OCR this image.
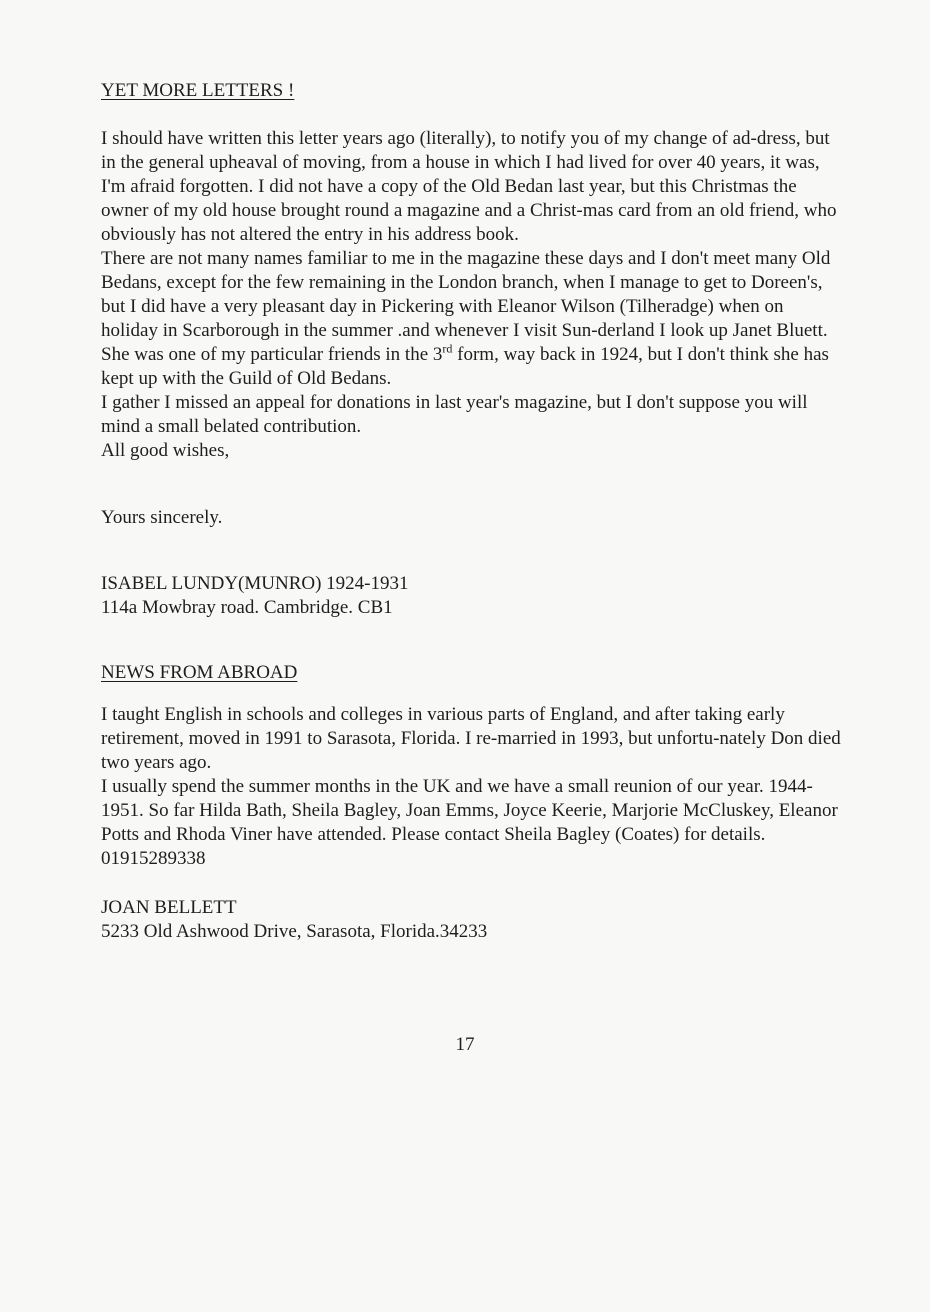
YET MORE LETTERS !

I should have written this letter years ago (literally), to notify you of my change of ad-dress, but in the general upheaval of moving, from a house in which I had lived for over 40 years, it was, I'm afraid forgotten. I did not have a copy of the Old Bedan last year, but this Christmas the owner of my old house brought round a magazine and a Christ-mas card from an old friend, who obviously has not altered the entry in his address book.

There are not many names familiar to me in the magazine these days and I don't meet many Old Bedans, except for the few remaining in the London branch, when I manage to get to Doreen's, but I did have a very pleasant day in Pickering with Eleanor Wilson (Tilheradge) when on holiday in Scarborough in the summer .and whenever I visit Sun-derland I look up Janet Bluett. She was one of my particular friends in the 3rd form, way back in 1924, but I don't think she has kept up with the Guild of Old Bedans.

I gather I missed an appeal for donations in last year's magazine, but I don't suppose you will mind a small belated contribution.

All good wishes,

Yours sincerely.

ISABEL LUNDY(MUNRO) 1924-1931

114a Mowbray road. Cambridge. CB1

NEWS FROM ABROAD

I taught English in schools and colleges in various parts of England, and after taking early retirement, moved in 1991 to Sarasota, Florida. I re-married in 1993, but unfortu-nately Don died two years ago.

I usually spend the summer months in the UK and we have a small reunion of our year. 1944-1951. So far Hilda Bath, Sheila Bagley, Joan Emms, Joyce Keerie, Marjorie McCluskey, Eleanor Potts and Rhoda Viner have attended. Please contact Sheila Bagley (Coates) for details. 01915289338

JOAN BELLETT

5233 Old Ashwood Drive, Sarasota, Florida.34233

17
